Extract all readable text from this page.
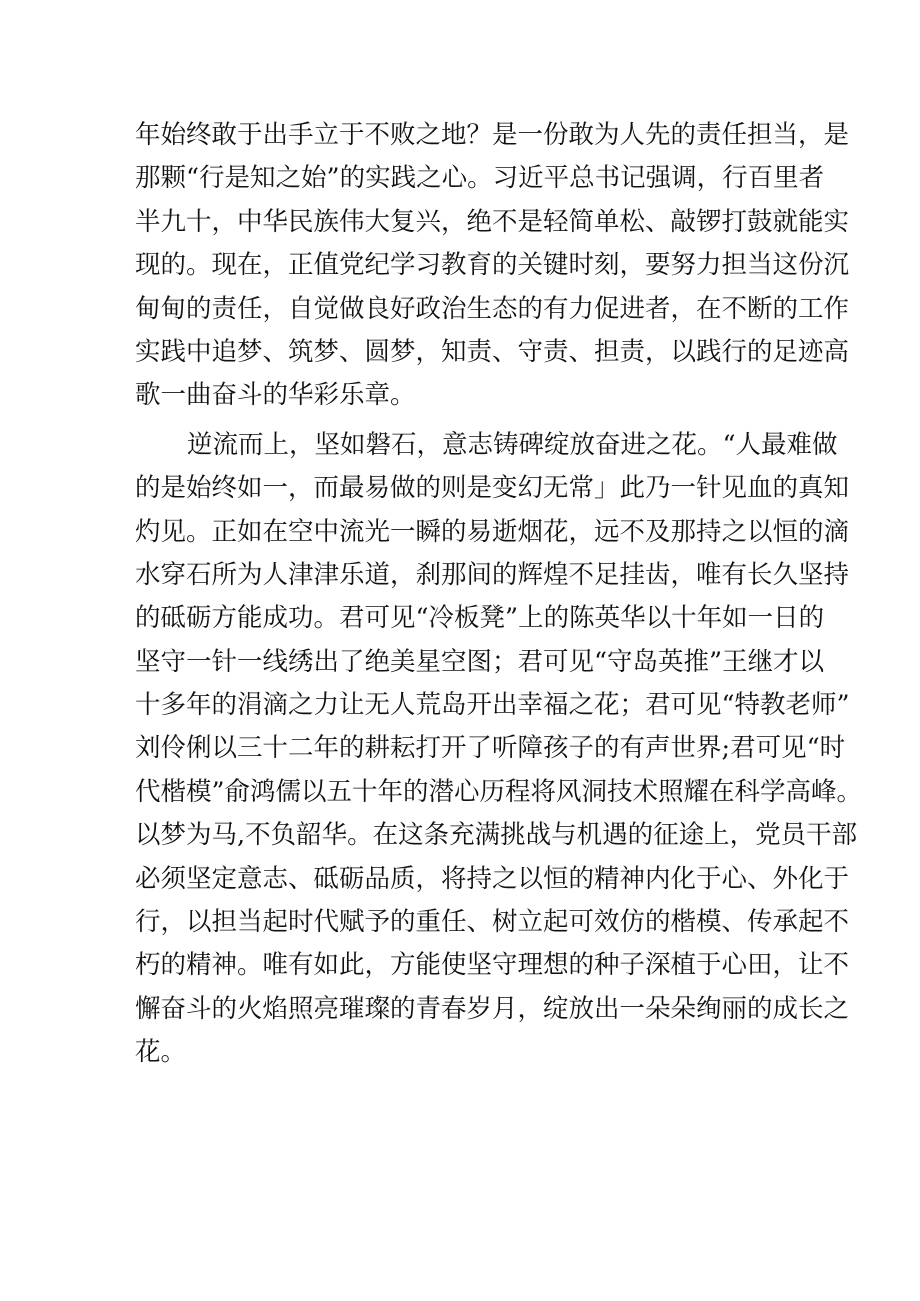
年始终敢于出手立于不败之地？是一份敢为人先的责任担当，是
那颗“行是知之始”的实践之心。习近平总书记强调，行百里者
半九十，中华民族伟大复兴，绝不是轻简单松、敲锣打鼓就能实
现的。现在，正值党纪学习教育的关键时刻，要努力担当这份沉
甸甸的责任，自觉做良好政治生态的有力促进者，在不断的工作
实践中追梦、筑梦、圆梦，知责、守责、担责，以践行的足迹高
歌一曲奋斗的华彩乐章。
逆流而上，坚如磐石，意志铸碑绽放奋进之花。“人最难做
的是始终如一，而最易做的则是变幻无常」此乃一针见血的真知
灼见。正如在空中流光一瞬的易逝烟花，远不及那持之以恒的滴
水穿石所为人津津乐道，刹那间的辉煌不足挂齿，唯有长久坚持
的砥砺方能成功。君可见“冷板凳”上的陈英华以十年如一日的
坚守一针一线绣出了绝美星空图；君可见“守岛英推”王继才以
十多年的涓滴之力让无人荒岛开出幸福之花；君可见“特教老师”
刘伶俐以三十二年的耕耘打开了听障孩子的有声世界;君可见“时
代楷模”俞鸿儒以五十年的潜心历程将风洞技术照耀在科学高峰。
以梦为马,不负韶华。在这条充满挑战与机遇的征途上，党员干部
必须坚定意志、砥砺品质，将持之以恒的精神内化于心、外化于
行，以担当起时代赋予的重任、树立起可效仿的楷模、传承起不
朽的精神。唯有如此，方能使坚守理想的种子深植于心田，让不
懈奋斗的火焰照亮璀璨的青春岁月，绽放出一朵朵绚丽的成长之
花。
